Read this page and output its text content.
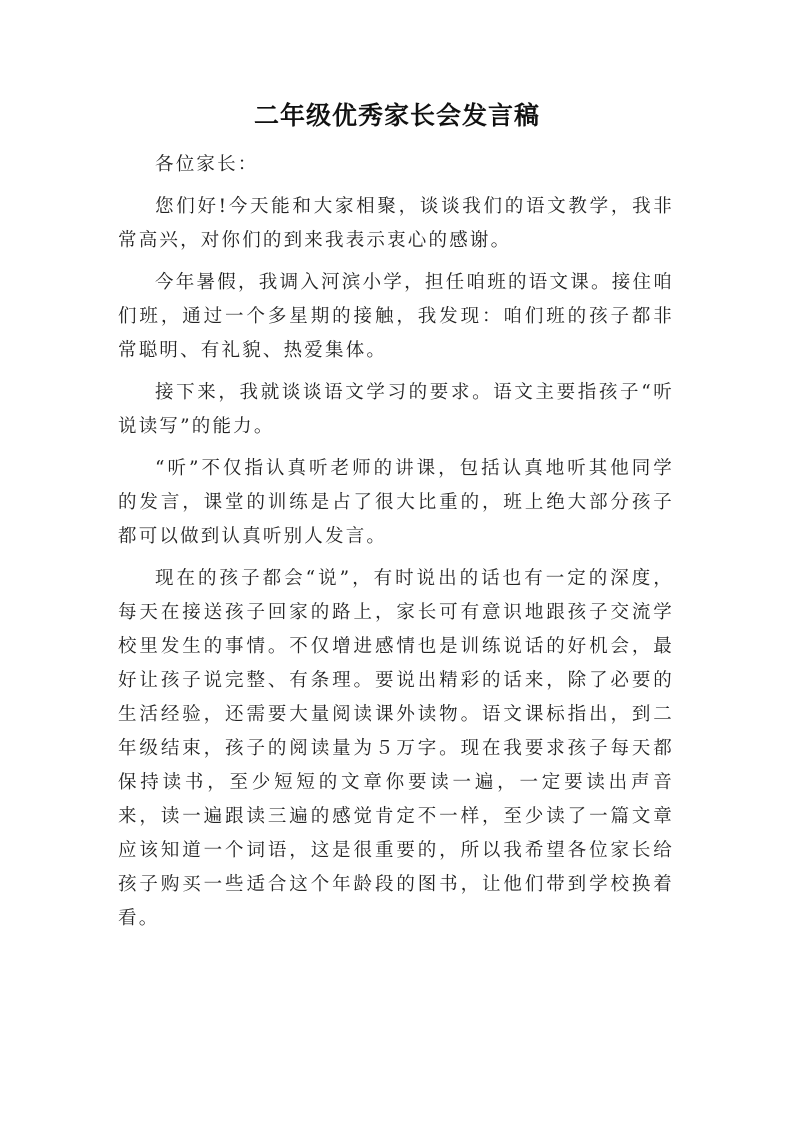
二年级优秀家长会发言稿

各位家长：

您们好!今天能和大家相聚，谈谈我们的语文教学，我非常高兴，对你们的到来我表示衷心的感谢。

今年暑假，我调入河滨小学，担任咱班的语文课。接住咱们班，通过一个多星期的接触，我发现：咱们班的孩子都非常聪明、有礼貌、热爱集体。

接下来，我就谈谈语文学习的要求。语文主要指孩子“听说读写”的能力。

“听”不仅指认真听老师的讲课，包括认真地听其他同学的发言，课堂的训练是占了很大比重的，班上绝大部分孩子都可以做到认真听别人发言。

现在的孩子都会“说”，有时说出的话也有一定的深度，每天在接送孩子回家的路上，家长可有意识地跟孩子交流学校里发生的事情。不仅增进感情也是训练说话的好机会，最好让孩子说完整、有条理。要说出精彩的话来，除了必要的生活经验，还需要大量阅读课外读物。语文课标指出，到二年级结束，孩子的阅读量为５万字。现在我要求孩子每天都保持读书，至少短短的文章你要读一遍，一定要读出声音来，读一遍跟读三遍的感觉肯定不一样，至少读了一篇文章应该知道一个词语，这是很重要的，所以我希望各位家长给孩子购买一些适合这个年龄段的图书，让他们带到学校换着看。
